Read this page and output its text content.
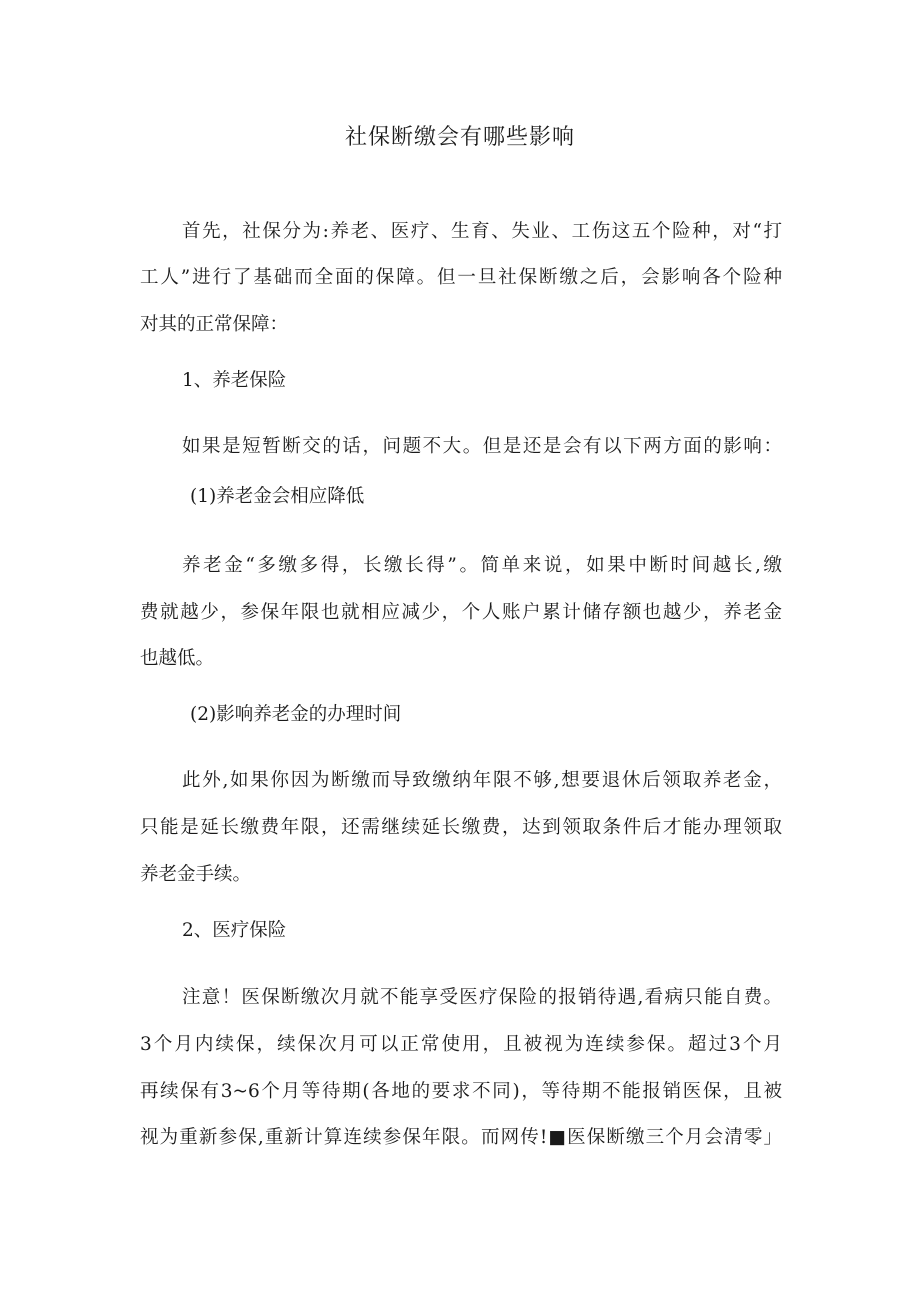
社保断缴会有哪些影响

首先，社保分为:养老、医疗、生育、失业、工伤这五个险种，对“打

工人”进行了基础而全面的保障。但一旦社保断缴之后，会影响各个险种

对其的正常保障：

1、养老保险

如果是短暂断交的话，问题不大。但是还是会有以下两方面的影响：

(1)养老金会相应降低

养老金“多缴多得，长缴长得”。简单来说，如果中断时间越长,缴

费就越少，参保年限也就相应减少，个人账户累计储存额也越少，养老金

也越低。

(2)影响养老金的办理时间

此外,如果你因为断缴而导致缴纳年限不够,想要退休后领取养老金，

只能是延长缴费年限，还需继续延长缴费，达到领取条件后才能办理领取

养老金手续。

2、医疗保险

注意！医保断缴次月就不能享受医疗保险的报销待遇,看病只能自费。

3个月内续保，续保次月可以正常使用，且被视为连续参保。超过3个月

再续保有3~6个月等待期(各地的要求不同)，等待期不能报销医保，且被

视为重新参保,重新计算连续参保年限。而网传!■医保断缴三个月会清零」
